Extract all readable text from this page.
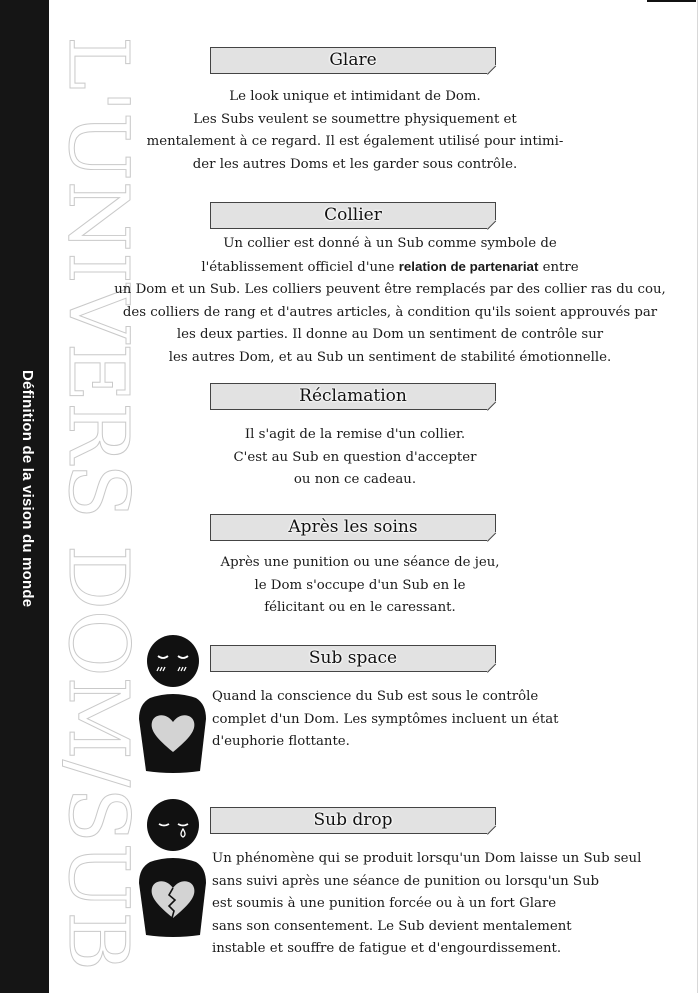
Définition de la vision du monde L'UNIVERS DOM/SUB	Glare
Le look unique et intimidant de Dom.
Les Subs veulent se soumettre physiquement et
mentalement à ce regard. Il est également utilisé pour intimi-
der les autres Doms et les garder sous contrôle.
Collier
Un collier est donné à un Sub comme symbole de
l'établissement officiel d'une relation de partenariat entre
un Dom et un Sub. Les colliers peuvent être remplacés par des collier ras du cou,
des colliers de rang et d'autres articles, à condition qu'ils soient approuvés par
les deux parties. Il donne au Dom un sentiment de contrôle sur
les autres Dom, et au Sub un sentiment de stabilité émotionnelle.
Réclamation
Il s'agit de la remise d'un collier.
C'est au Sub en question d'accepter
ou non ce cadeau.
Après les soins
Après une punition ou une séance de jeu,
le Dom s'occupe d'un Sub en le
félicitant ou en le caressant.
Sub space
Quand la conscience du Sub est sous le contrôle
complet d'un Dom. Les symptômes incluent un état
d'euphorie flottante.
Sub drop
Un phénomène qui se produit lorsqu'un Dom laisse un Sub seul
sans suivi après une séance de punition ou lorsqu'un Sub
est soumis à une punition forcée ou à un fort Glare
sans son consentement. Le Sub devient mentalement
instable et souffre de fatigue et d'engourdissement.
